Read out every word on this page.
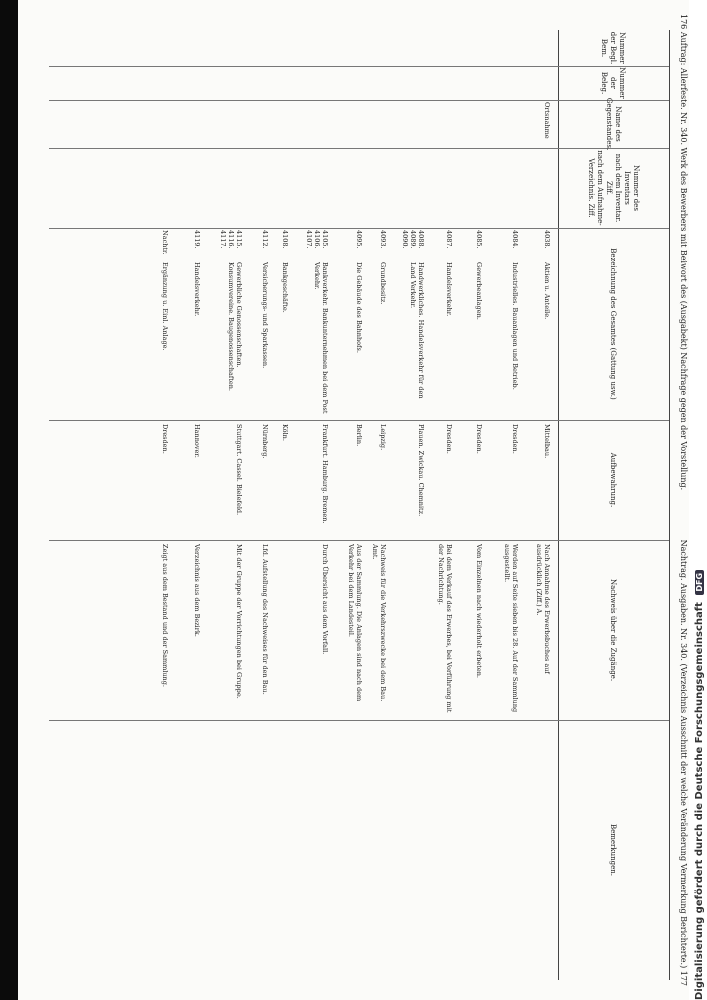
176 Auftrag: Allerfeste. Nr. 340. Werk des Bewerbers mit Beiwort des (Ausgabekt) Nachfrage gegen der Vorstellung.
Nachtrag. Ausgaben. Nr. 340. (Verzeichnis Ausschnitt der welche Veränderung Vermerkung Berichterte.) 177
Nummer der Begl. Bem.
Nummer der Beleg.
Name des Gegenstandes.
Nummer des Inventars
nach dem Inventar. Ziff.
nach dem Aufnahme-Verzeichnis. Ziff.
Bezeichnung des Gesamtes (Gattung usw.)
Aufbewahrung.
Nachweis über die Zugänge.
Bemerkungen.
Ortsnahme
4038.
Aktien u. Anteile.
Mittelbau.
Nach Annahme des Erwerbsbuches auf ausdrücklich (Ziff.) A.
4084.
Industrielles. Bauanlagen und Betrieb.
Dresden.
Werden auf Seite sieben bis 28. Auf der Sammlung ausgestellt.
4085.
Gewerbeanlagen.
Dresden.
Vom Einzelnen nach wiederholt erbeten.
4087.
Handelsverkehr.
Dresden.
Bei dem Verkauf des Erwerbes, bei Vorführung mit der Nachrichtung.
4088. 4089. 4090.
Handwerkliches. Handelsverkehr für den Land Verkehr.
Plauen. Zwickau. Chemnitz.
4093.
Grundbesitz.
Leipzig.
Nachweis für die Verkehrszwecke bei dem Bau. Amt.
4095.
Die Gebäude des Bahnhofs.
Berlin.
Aus der Sammlung. Die Anlagen sind nach dem Verkehr bei dem Landesteil.
4105. 4106. 4107.
Bankverkehr. Bankunternehmen bei dem Post Verkehr.
Frankfurt. Hamburg. Bremen.
Durch Übersicht aus dem Vorfall.
4108.
Bankgeschäfte.
Köln.
4112.
Versicherungs- und Sparkassen.
Nürnberg.
Lfd. Aufstellung des Nachweises für den Bau.
4115. 4116. 4117.
Gewerbliche Genossenschaften. Konsumvereine. Baugenossenschaften.
Stuttgart. Cassel. Bielefeld.
Mit der Gruppe der Vorrichtungen bei Gruppe.
4119.
Handelsverkehr.
Hannover.
Verzeichnis aus dem Bezirk.
Nachtr.
Ergänzung u. Einl. Anlage.
Dresden.
Zeigt aus dem Bestand und der Sammlung.	Digitalisierung gefördert durch die Deutsche Forschungsgemeinschaft DFG
